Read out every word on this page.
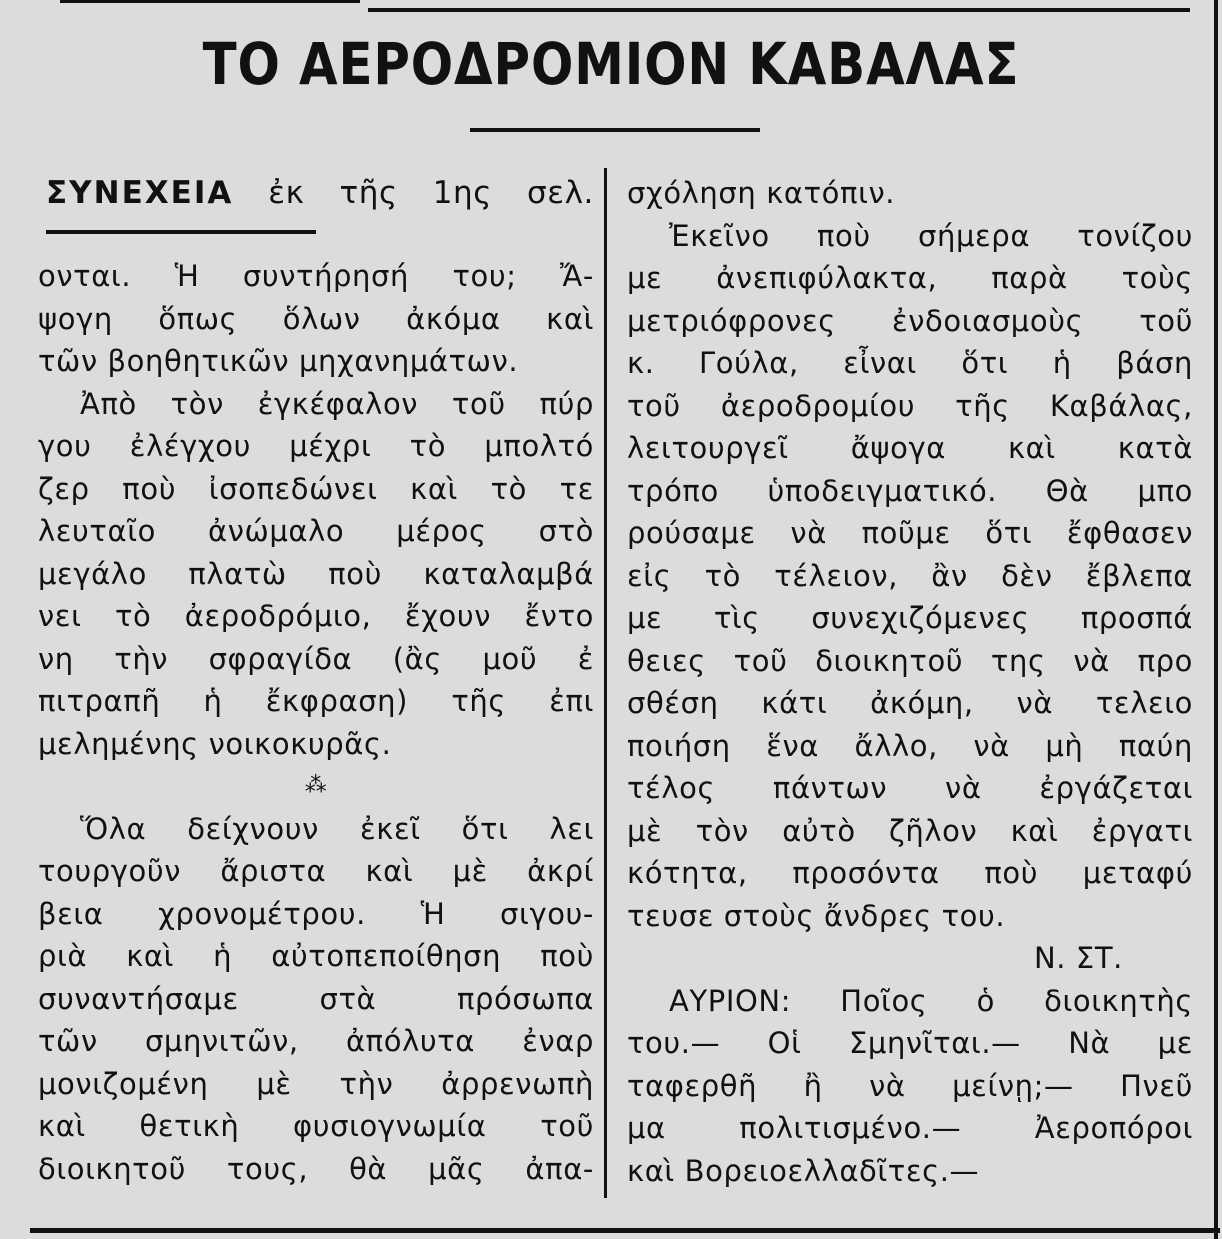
ΤΟ ΑΕΡΟΔΡΟΜΙΟΝ ΚΑΒΑΛΑΣ
ΣΥΝΕΧΕΙΑ ἐκ τῆς 1ης σελ.
ονται. Ἡ συντήρησή του; Ἄ-
ψογη ὅπως ὅλων ἀκόμα καὶ
τῶν βοηθητικῶν μηχανημάτων.
Ἀπὸ τὸν ἐγκέφαλον τοῦ πύρ
γου ἐλέγχου μέχρι τὸ μπολτό
ζερ ποὺ ἰσοπεδώνει καὶ τὸ τε
λευταῖο ἀνώμαλο μέρος στὸ
μεγάλο πλατὼ ποὺ καταλαμβά
νει τὸ ἀεροδρόμιο, ἔχουν ἔντο
νη τὴν σφραγίδα (ἂς μοῦ ἐ
πιτραπῆ ἡ ἔκφραση) τῆς ἐπι
μελημένης νοικοκυρᾶς.
⁂
Ὅλα δείχνουν ἐκεῖ ὅτι λει
τουργοῦν ἄριστα καὶ μὲ ἀκρί
βεια χρονομέτρου. Ἡ σιγου-
ριὰ καὶ ἡ αὐτοπεποίθηση ποὺ
συναντήσαμε στὰ πρόσωπα
τῶν σμηνιτῶν, ἀπόλυτα ἐναρ
μονιζομένη μὲ τὴν ἀρρενωπὴ
καὶ θετικὴ φυσιογνωμία τοῦ
διοικητοῦ τους, θὰ μᾶς ἀπα-
σχόληση κατόπιν.
Ἐκεῖνο ποὺ σήμερα τονίζου
με ἀνεπιφύλακτα, παρὰ τοὺς
μετριόφρονες ἐνδοιασμοὺς τοῦ
κ. Γούλα, εἶναι ὅτι ἡ βάση
τοῦ ἀεροδρομίου τῆς Καβάλας,
λειτουργεῖ ἄψογα καὶ κατὰ
τρόπο ὑποδειγματικό. Θὰ μπο
ρούσαμε νὰ ποῦμε ὅτι ἔφθασεν
εἰς τὸ τέλειον, ἂν δὲν ἔβλεπα
με τὶς συνεχιζόμενες προσπά
θειες τοῦ διοικητοῦ της νὰ προ
σθέση κάτι ἀκόμη, νὰ τελειο
ποιήση ἕνα ἄλλο, νὰ μὴ παύη
τέλος πάντων νὰ ἐργάζεται
μὲ τὸν αὐτὸ ζῆλον καὶ ἐργατι
κότητα, προσόντα ποὺ μεταφύ
τευσε στοὺς ἄνδρες του.
Ν. ΣΤ.
ΑΥΡΙΟΝ: Ποῖος ὁ διοικητὴς
του.— Οἱ Σμηνῖται.— Νὰ με
ταφερθῆ ἢ νὰ μείνῃ;— Πνεῦ
μα πολιτισμένο.— Ἀεροπόροι
καὶ Βορειοελλαδῖτες.—
